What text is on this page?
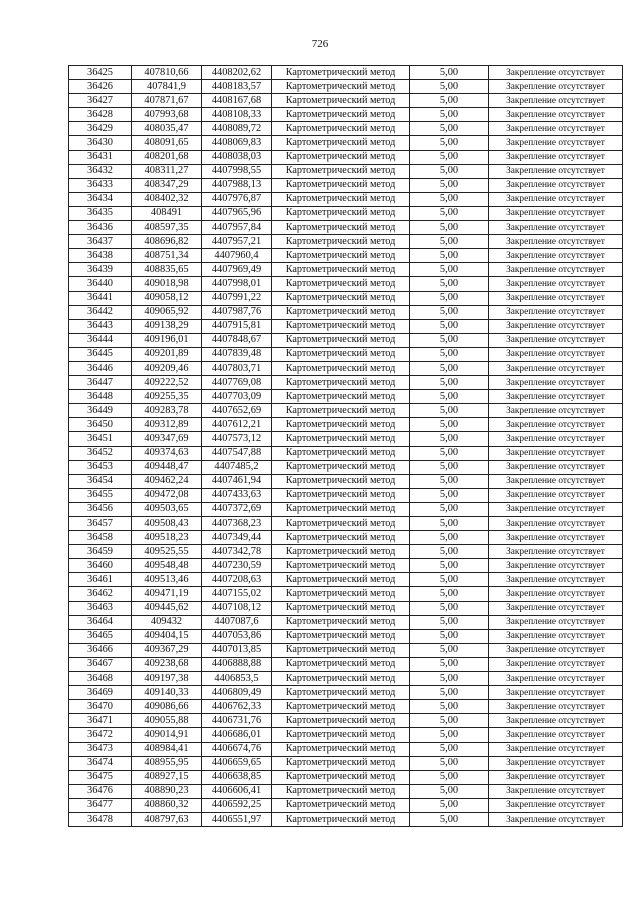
726
36425	407810,66	4408202,62	Картометрический метод	5,00	Закрепление отсутствует
36426	407841,9	4408183,57	Картометрический метод	5,00	Закрепление отсутствует
36427	407871,67	4408167,68	Картометрический метод	5,00	Закрепление отсутствует
36428	407993,68	4408108,33	Картометрический метод	5,00	Закрепление отсутствует
36429	408035,47	4408089,72	Картометрический метод	5,00	Закрепление отсутствует
36430	408091,65	4408069,83	Картометрический метод	5,00	Закрепление отсутствует
36431	408201,68	4408038,03	Картометрический метод	5,00	Закрепление отсутствует
36432	408311,27	4407998,55	Картометрический метод	5,00	Закрепление отсутствует
36433	408347,29	4407988,13	Картометрический метод	5,00	Закрепление отсутствует
36434	408402,32	4407976,87	Картометрический метод	5,00	Закрепление отсутствует
36435	408491	4407965,96	Картометрический метод	5,00	Закрепление отсутствует
36436	408597,35	4407957,84	Картометрический метод	5,00	Закрепление отсутствует
36437	408696,82	4407957,21	Картометрический метод	5,00	Закрепление отсутствует
36438	408751,34	4407960,4	Картометрический метод	5,00	Закрепление отсутствует
36439	408835,65	4407969,49	Картометрический метод	5,00	Закрепление отсутствует
36440	409018,98	4407998,01	Картометрический метод	5,00	Закрепление отсутствует
36441	409058,12	4407991,22	Картометрический метод	5,00	Закрепление отсутствует
36442	409065,92	4407987,76	Картометрический метод	5,00	Закрепление отсутствует
36443	409138,29	4407915,81	Картометрический метод	5,00	Закрепление отсутствует
36444	409196,01	4407848,67	Картометрический метод	5,00	Закрепление отсутствует
36445	409201,89	4407839,48	Картометрический метод	5,00	Закрепление отсутствует
36446	409209,46	4407803,71	Картометрический метод	5,00	Закрепление отсутствует
36447	409222,52	4407769,08	Картометрический метод	5,00	Закрепление отсутствует
36448	409255,35	4407703,09	Картометрический метод	5,00	Закрепление отсутствует
36449	409283,78	4407652,69	Картометрический метод	5,00	Закрепление отсутствует
36450	409312,89	4407612,21	Картометрический метод	5,00	Закрепление отсутствует
36451	409347,69	4407573,12	Картометрический метод	5,00	Закрепление отсутствует
36452	409374,63	4407547,88	Картометрический метод	5,00	Закрепление отсутствует
36453	409448,47	4407485,2	Картометрический метод	5,00	Закрепление отсутствует
36454	409462,24	4407461,94	Картометрический метод	5,00	Закрепление отсутствует
36455	409472,08	4407433,63	Картометрический метод	5,00	Закрепление отсутствует
36456	409503,65	4407372,69	Картометрический метод	5,00	Закрепление отсутствует
36457	409508,43	4407368,23	Картометрический метод	5,00	Закрепление отсутствует
36458	409518,23	4407349,44	Картометрический метод	5,00	Закрепление отсутствует
36459	409525,55	4407342,78	Картометрический метод	5,00	Закрепление отсутствует
36460	409548,48	4407230,59	Картометрический метод	5,00	Закрепление отсутствует
36461	409513,46	4407208,63	Картометрический метод	5,00	Закрепление отсутствует
36462	409471,19	4407155,02	Картометрический метод	5,00	Закрепление отсутствует
36463	409445,62	4407108,12	Картометрический метод	5,00	Закрепление отсутствует
36464	409432	4407087,6	Картометрический метод	5,00	Закрепление отсутствует
36465	409404,15	4407053,86	Картометрический метод	5,00	Закрепление отсутствует
36466	409367,29	4407013,85	Картометрический метод	5,00	Закрепление отсутствует
36467	409238,68	4406888,88	Картометрический метод	5,00	Закрепление отсутствует
36468	409197,38	4406853,5	Картометрический метод	5,00	Закрепление отсутствует
36469	409140,33	4406809,49	Картометрический метод	5,00	Закрепление отсутствует
36470	409086,66	4406762,33	Картометрический метод	5,00	Закрепление отсутствует
36471	409055,88	4406731,76	Картометрический метод	5,00	Закрепление отсутствует
36472	409014,91	4406686,01	Картометрический метод	5,00	Закрепление отсутствует
36473	408984,41	4406674,76	Картометрический метод	5,00	Закрепление отсутствует
36474	408955,95	4406659,65	Картометрический метод	5,00	Закрепление отсутствует
36475	408927,15	4406638,85	Картометрический метод	5,00	Закрепление отсутствует
36476	408890,23	4406606,41	Картометрический метод	5,00	Закрепление отсутствует
36477	408860,32	4406592,25	Картометрический метод	5,00	Закрепление отсутствует
36478	408797,63	4406551,97	Картометрический метод	5,00	Закрепление отсутствует
